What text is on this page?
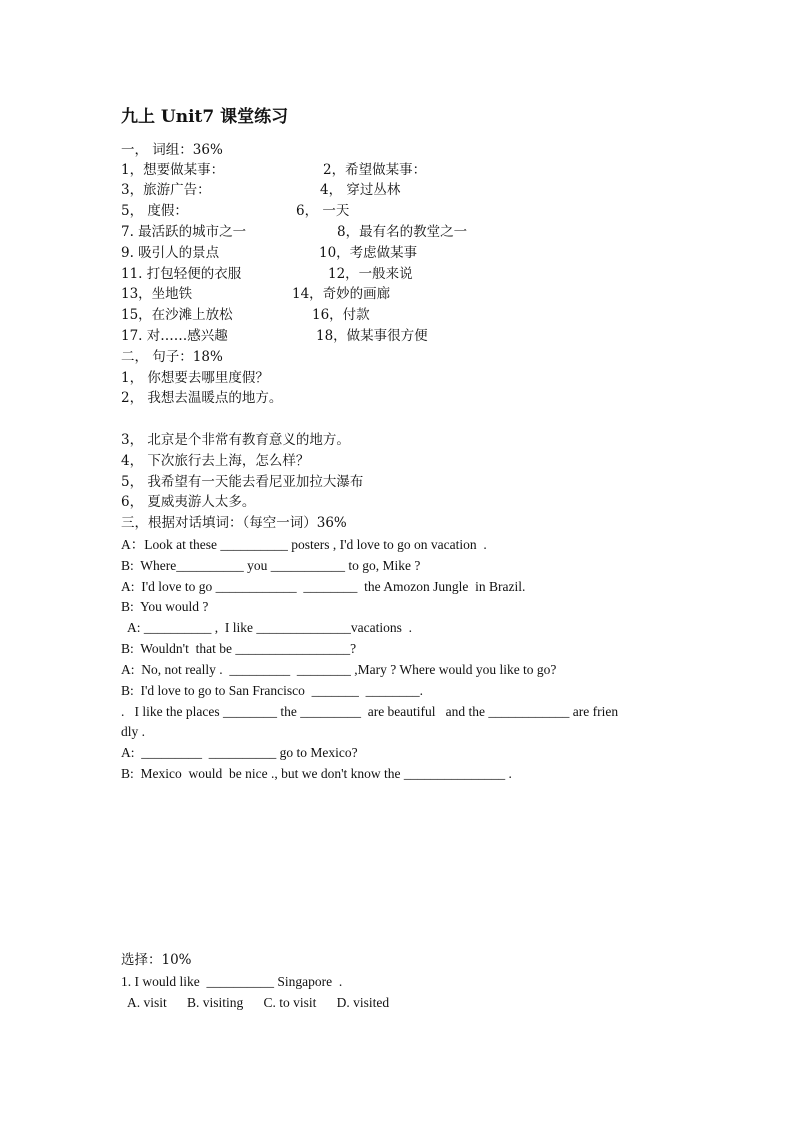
九上 Unit7 课堂练习
一， 词组：36%
1，想要做某事：	2，希望做某事：
3，旅游广告：	4， 穿过丛林
5， 度假：	6， 一天
7. 最活跃的城市之一	8，最有名的教堂之一
9. 吸引人的景点	10，考虑做某事
11. 打包轻便的衣服	12，一般来说
13，坐地铁	14，奇妙的画廊
15，在沙滩上放松	16，付款
17. 对……感兴趣	18，做某事很方便
二， 句子：18%
1， 你想要去哪里度假？
2， 我想去温暖点的地方。
3， 北京是个非常有教育意义的地方。
4， 下次旅行去上海，怎么样？
5， 我希望有一天能去看尼亚加拉大瀑布
6， 夏威夷游人太多。
三，根据对话填词：（每空一词）36%
A：Look at these __________ posters , I'd love to go on vacation  .
B:  Where__________ you ___________ to go, Mike ?
A:  I'd love to go ____________  ________  the Amozon Jungle  in Brazil.
B:  You would ?
A: __________ ,  I like ______________vacations  .
B:  Wouldn't  that be _________________?
A:  No, not really .  _________  ________ ,Mary ? Where would you like to go?
B:  I'd love to go to San Francisco  _______  ________.
.   I like the places ________ the _________  are beautiful   and the ____________ are frien
dly .
A:  _________  __________ go to Mexico?
B:  Mexico  would  be nice ., but we don't know the _______________ .
选择：10%
1. I would like  __________ Singapore  .
A. visit      B. visiting      C. to visit      D. visited
